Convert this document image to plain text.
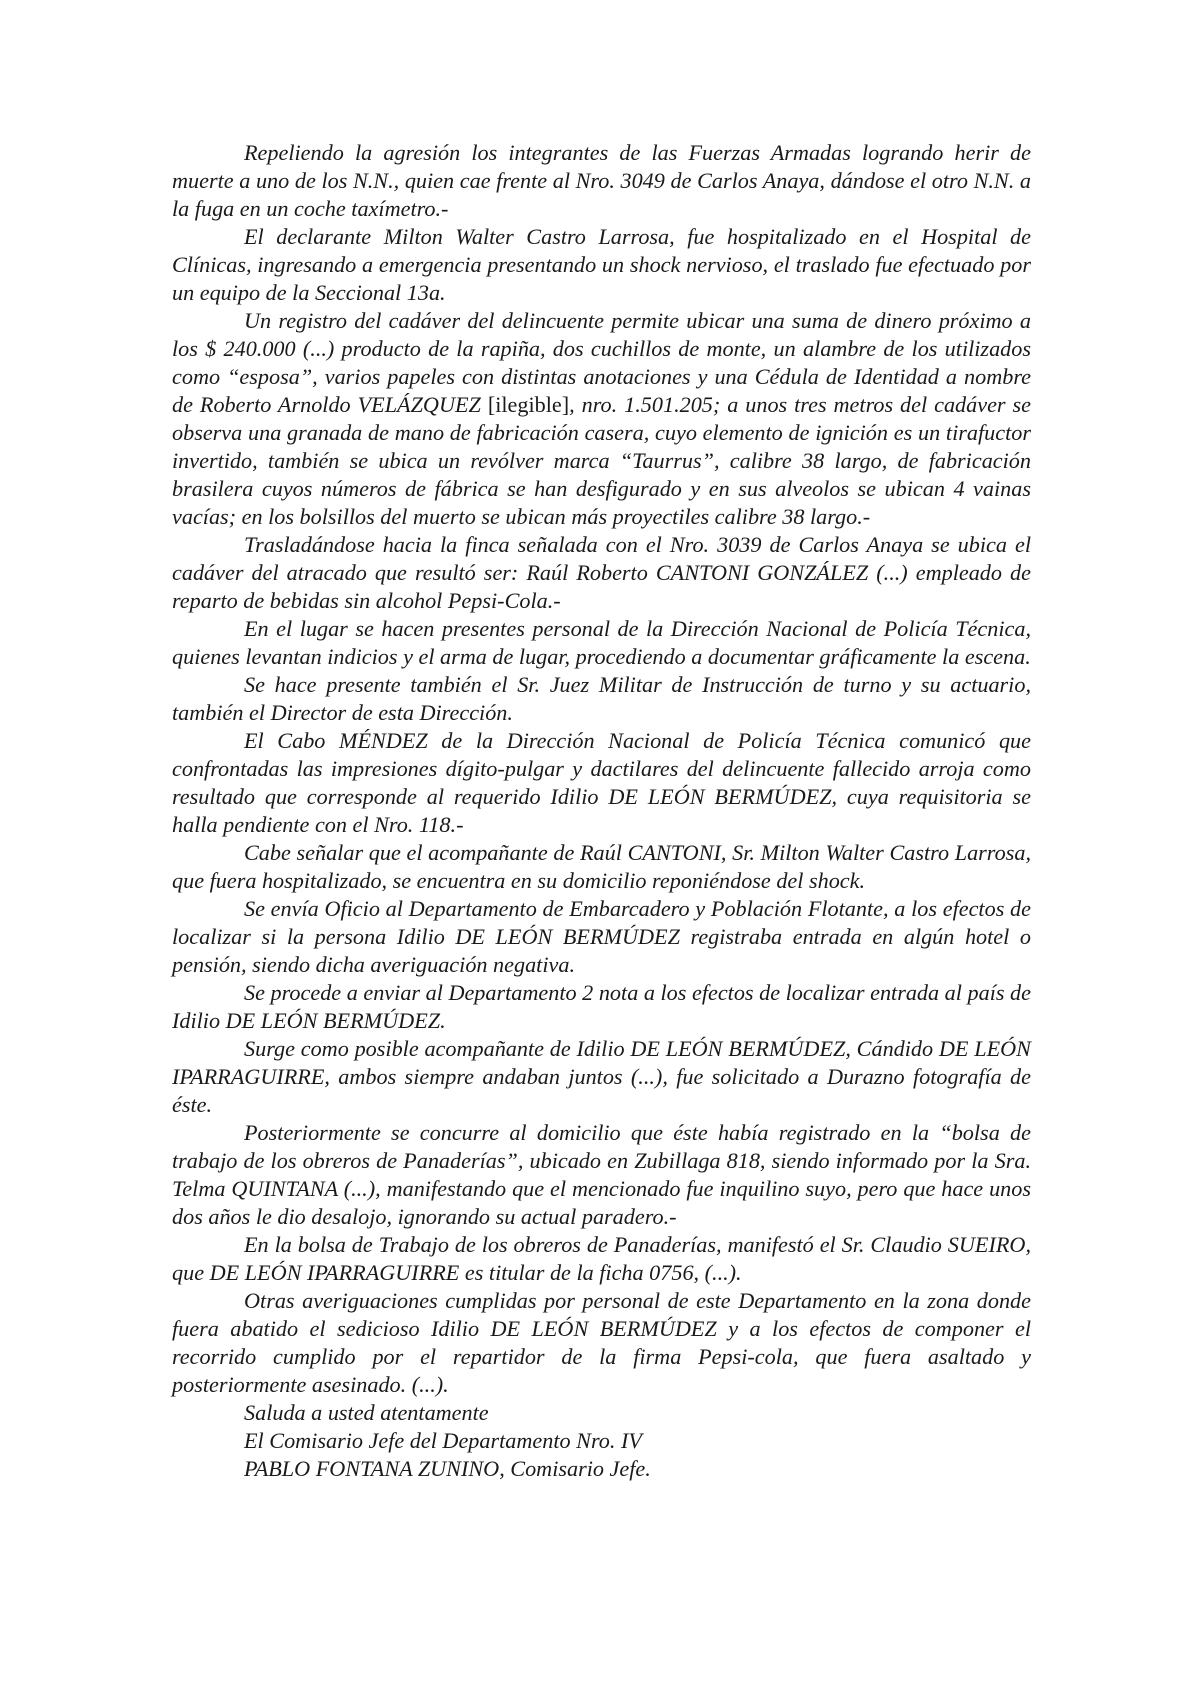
Repeliendo la agresión los integrantes de las Fuerzas Armadas logrando herir de muerte a uno de los N.N., quien cae frente al Nro. 3049 de Carlos Anaya, dándose el otro N.N. a la fuga en un coche taxímetro.-

El declarante Milton Walter Castro Larrosa, fue hospitalizado en el Hospital de Clínicas, ingresando a emergencia presentando un shock nervioso, el traslado fue efectuado por un equipo de la Seccional 13a.

Un registro del cadáver del delincuente permite ubicar una suma de dinero próximo a los $ 240.000 (...) producto de la rapiña, dos cuchillos de monte, un alambre de los utilizados como “esposa”, varios papeles con distintas anotaciones y una Cédula de Identidad a nombre de Roberto Arnoldo VELÁZQUEZ [ilegible], nro. 1.501.205; a unos tres metros del cadáver se observa una granada de mano de fabricación casera, cuyo elemento de ignición es un tirafuctor invertido, también se ubica un revólver marca “Taurrus”, calibre 38 largo, de fabricación brasilera cuyos números de fábrica se han desfigurado y en sus alveolos se ubican 4 vainas vacías; en los bolsillos del muerto se ubican más proyectiles calibre 38 largo.-

Trasladándose hacia la finca señalada con el Nro. 3039 de Carlos Anaya se ubica el cadáver del atracado que resultó ser: Raúl Roberto CANTONI GONZÁLEZ (...) empleado de reparto de bebidas sin alcohol Pepsi-Cola.-

En el lugar se hacen presentes personal de la Dirección Nacional de Policía Técnica, quienes levantan indicios y el arma de lugar, procediendo a documentar gráficamente la escena.

Se hace presente también el Sr. Juez Militar de Instrucción de turno y su actuario, también el Director de esta Dirección.

El Cabo MÉNDEZ de la Dirección Nacional de Policía Técnica comunicó que confrontadas las impresiones dígito-pulgar y dactilares del delincuente fallecido arroja como resultado que corresponde al requerido Idilio DE LEÓN BERMÚDEZ, cuya requisitoria se halla pendiente con el Nro. 118.-

Cabe señalar que el acompañante de Raúl CANTONI, Sr. Milton Walter Castro Larrosa, que fuera hospitalizado, se encuentra en su domicilio reponiéndose del shock.

Se envía Oficio al Departamento de Embarcadero y Población Flotante, a los efectos de localizar si la persona Idilio DE LEÓN BERMÚDEZ registraba entrada en algún hotel o pensión, siendo dicha averiguación negativa.

Se procede a enviar al Departamento 2 nota a los efectos de localizar entrada al país de Idilio DE LEÓN BERMÚDEZ.

Surge como posible acompañante de Idilio DE LEÓN BERMÚDEZ, Cándido DE LEÓN IPARRAGUIRRE, ambos siempre andaban juntos (...), fue solicitado a Durazno fotografía de éste.

Posteriormente se concurre al domicilio que éste había registrado en la “bolsa de trabajo de los obreros de Panaderías”, ubicado en Zubillaga 818, siendo informado por la Sra. Telma QUINTANA (...), manifestando que el mencionado fue inquilino suyo, pero que hace unos dos años le dio desalojo, ignorando su actual paradero.-

En la bolsa de Trabajo de los obreros de Panaderías, manifestó el Sr. Claudio SUEIRO, que DE LEÓN IPARRAGUIRRE es titular de la ficha 0756, (...).

Otras averiguaciones cumplidas por personal de este Departamento en la zona donde fuera abatido el sedicioso Idilio DE LEÓN BERMÚDEZ y a los efectos de componer el recorrido cumplido por el repartidor de la firma Pepsi-cola, que fuera asaltado y posteriormente asesinado. (...).

Saluda a usted atentamente

El Comisario Jefe del Departamento Nro. IV

PABLO FONTANA ZUNINO, Comisario Jefe.
